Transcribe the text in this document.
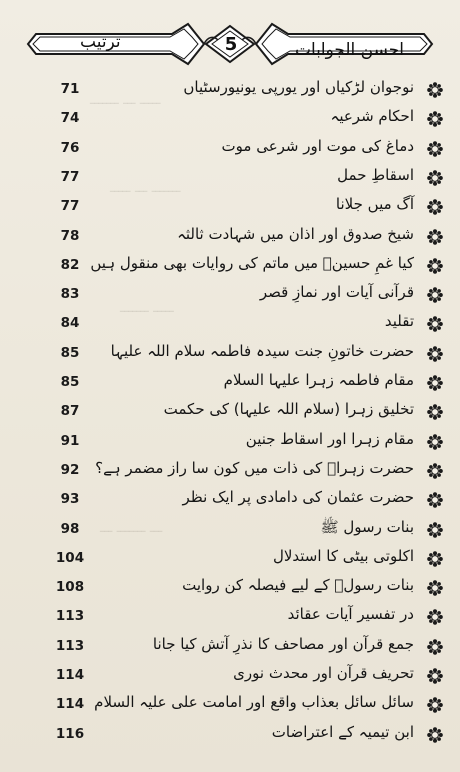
ـــــ ـــ ـــــــ
ـــــــ ـــ ـــــ
ـــــ ـــــــ
ـــ ـــــــ ـــ
ترتیب	5	احسن الجوابات
71	نوجوان لڑکیاں اور یورپی یونیورسٹیاں
74	احکام شرعیہ
76	دماغ کی موت اور شرعی موت
77	اسقاطِ حمل
77	آگ میں جلانا
78	شیخ صدوق اور اذان میں شہادت ثالثہ
82 کیا غمِ حسینؑ میں ماتم کی روایات بھی منقول ہیں
83	قرآنی آیات اور نمازِ قصر
84	تقلید
85	حضرت خاتونِ جنت سیدہ فاطمہ سلام اللہ علیہا
85	مقام فاطمہ زہرا علیہا السلام
87	تخلیق زہرا (سلام اللہ علیہا) کی حکمت
91	مقام زہرا اور اسقاط جنین
92	حضرت زہراؑ کی ذات میں کون سا راز مضمر ہے؟
93	حضرت عثمان کی دامادی پر ایک نظر
98	بنات رسول ﷺ
104	اکلوتی بیٹی کا استدلال
108	بنات رسولؐ کے لیے فیصلہ کن روایت
113	در تفسیر آیات عقائد
113	جمع قرآن اور مصاحف کا نذرِ آتش کیا جانا
114	تحریف قرآن اور محدث نوری
114 سائل سائل بعذاب واقع اور امامت علی علیہ السلام
116	ابن تیمیہ کے اعتراضات
